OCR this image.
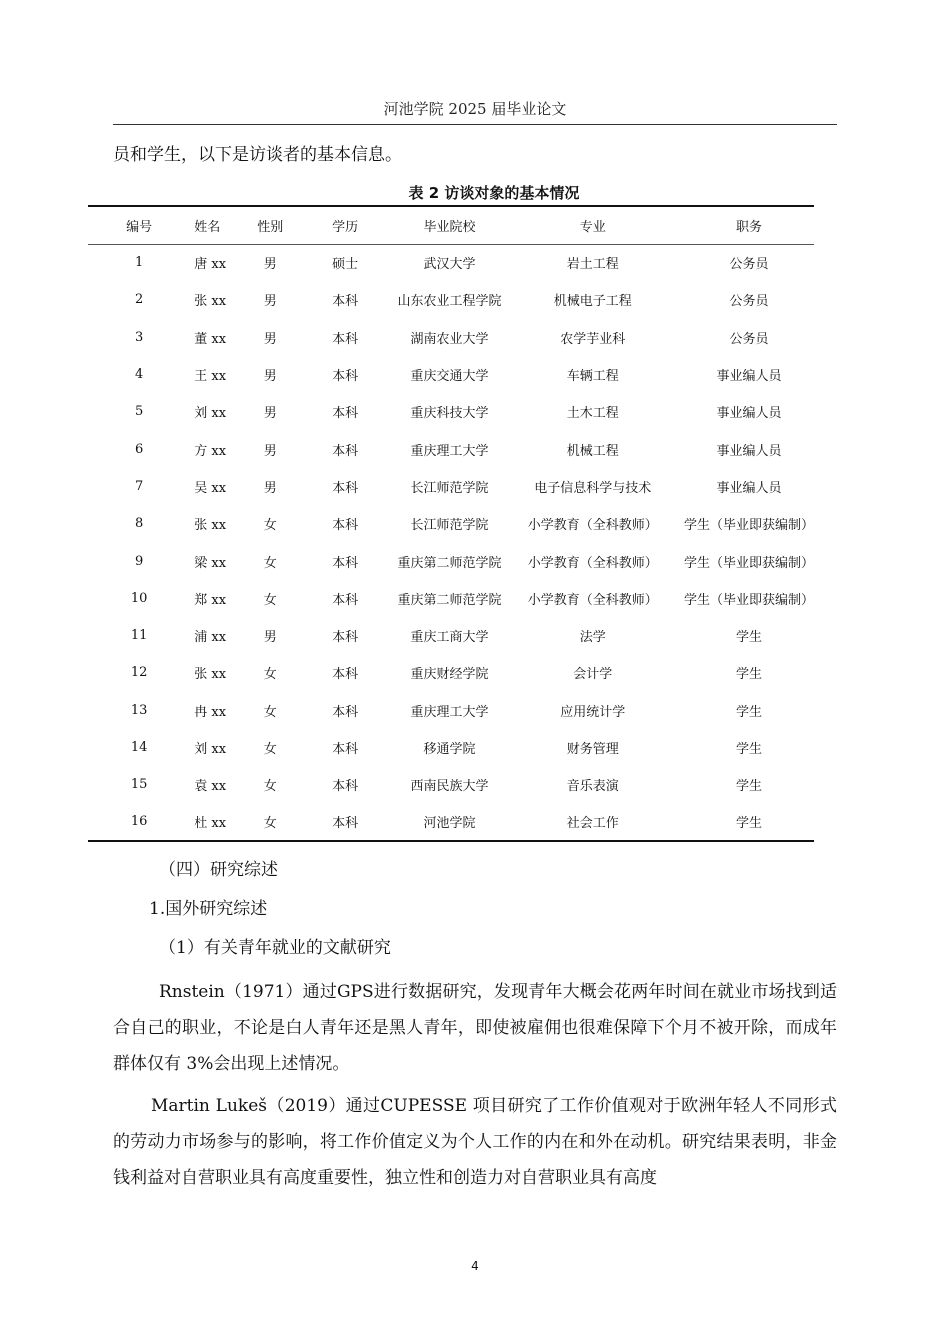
河池学院 2025 届毕业论文
员和学生，以下是访谈者的基本信息。
表 2 访谈对象的基本情况
编号	姓名	性别	学历	毕业院校	专业	职务
1	唐 xx	男	硕士	武汉大学	岩土工程	公务员
2	张 xx	男	本科	山东农业工程学院	机械电子工程	公务员
3	董 xx	男	本科	湖南农业大学	农学芋业科	公务员
4	王 xx	男	本科	重庆交通大学	车辆工程	事业编人员
5	刘 xx	男	本科	重庆科技大学	土木工程	事业编人员
6	方 xx	男	本科	重庆理工大学	机械工程	事业编人员
7	吴 xx	男	本科	长江师范学院	电子信息科学与技术	事业编人员
8	张 xx	女	本科	长江师范学院	小学教育（全科教师）	学生（毕业即获编制）
9	梁 xx	女	本科	重庆第二师范学院	小学教育（全科教师）	学生（毕业即获编制）
10	郑 xx	女	本科	重庆第二师范学院	小学教育（全科教师）	学生（毕业即获编制）
11	浦 xx	男	本科	重庆工商大学	法学	学生
12	张 xx	女	本科	重庆财经学院	会计学	学生
13	冉 xx	女	本科	重庆理工大学	应用统计学	学生
14	刘 xx	女	本科	移通学院	财务管理	学生
15	袁 xx	女	本科	西南民族大学	音乐表演	学生
16	杜 xx	女	本科	河池学院	社会工作	学生

（四）研究综述

1.国外研究综述

（1）有关青年就业的文献研究

Rnstein（1971）通过GPS进行数据研究，发现青年大概会花两年时间在就业市场找到适合自己的职业，不论是白人青年还是黑人青年，即使被雇佣也很难保障下个月不被开除，而成年群体仅有 3%会出现上述情况。

Martin Lukeš（2019）通过CUPESSE 项目研究了工作价值观对于欧洲年轻人不同形式的劳动力市场参与的影响，将工作价值定义为个人工作的内在和外在动机。研究结果表明，非金钱利益对自营职业具有高度重要性，独立性和创造力对自营职业具有高度

4
